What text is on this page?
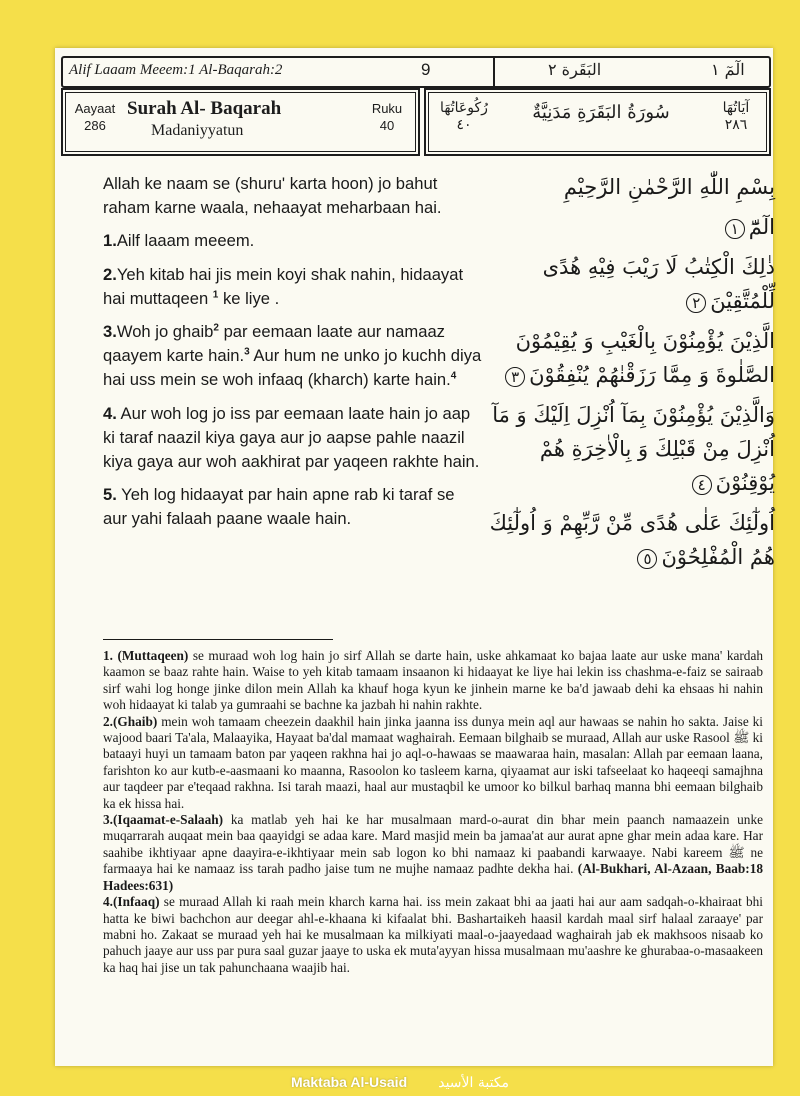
Alif Laaam Meeem:1 Al-Baqarah:2	9	البَقَرة ٢	الٓمٓ ١
Aayaat
286
Surah Al- Baqarah
Madaniyyatun
Ruku
40
رُكُوعَاتُهَا
٤٠
سُورَةُ البَقَرَةِ مَدَنِيَّةٌ	آيَاتُهَا
٢٨٦

Allah ke naam se (shuru' karta hoon) jo bahut raham karne waala, nehaayat meharbaan hai.

1.Ailf laaam meeem.

2.Yeh kitab hai jis mein koyi shak nahin, hidaayat hai muttaqeen $^1$ ke liye .

3.Woh jo ghaib$^2$ par eemaan laate aur namaaz qaayem karte hain.$^3$ Aur hum ne unko jo kuchh diya hai uss mein se woh infaaq (kharch) karte hain.$^4$

4. Aur woh log jo iss par eemaan laate hain jo aap ki taraf naazil kiya gaya aur jo aapse pahle naazil kiya gaya aur woh aakhirat par yaqeen rakhte hain.

5. Yeh log hidaayat par hain apne rab ki taraf se aur yahi falaah paane waale hain.

بِسْمِ اللّٰهِ الرَّحْمٰنِ الرَّحِيْمِ

الٓمّٓ١

ذٰلِكَ الْكِتٰبُ لَا رَيْبَ فِيْهِ هُدًى لِّلْمُتَّقِيْنَ٢

الَّذِيْنَ يُؤْمِنُوْنَ بِالْغَيْبِ وَ يُقِيْمُوْنَ الصَّلٰوةَ وَ مِمَّا رَزَقْنٰهُمْ يُنْفِقُوْنَ٣

وَالَّذِيْنَ يُؤْمِنُوْنَ بِمَآ اُنْزِلَ اِلَيْكَ وَ مَآ اُنْزِلَ مِنْ قَبْلِكَ وَ بِالْاٰخِرَةِ هُمْ يُوْقِنُوْنَ٤

اُولٰٓئِكَ عَلٰى هُدًى مِّنْ رَّبِّهِمْ وَ اُولٰٓئِكَ هُمُ الْمُفْلِحُوْنَ٥

1. (Muttaqeen) se muraad woh log hain jo sirf Allah se darte hain, uske ahkamaat ko bajaa laate aur uske mana' kardah kaamon se baaz rahte hain. Waise to yeh kitab tamaam insaanon ki hidaayat ke liye hai lekin iss chashma-e-faiz se sairaab sirf wahi log honge jinke dilon mein Allah ka khauf hoga kyun ke jinhein marne ke ba'd jawaab dehi ka ehsaas hi nahin woh hidaayat ki talab ya gumraahi se bachne ka jazbah hi nahin rakhte.

2.(Ghaib) mein woh tamaam cheezein daakhil hain jinka jaanna iss dunya mein aql aur hawaas se nahin ho sakta. Jaise ki wajood baari Ta'ala, Malaayika, Hayaat ba'dal mamaat waghairah. Eemaan bilghaib se muraad, Allah aur uske Rasool ﷺ ki bataayi huyi un tamaam baton par yaqeen rakhna hai jo aql-o-hawaas se maawaraa hain, masalan: Allah par eemaan laana, farishton ko aur kutb-e-aasmaani ko maanna, Rasoolon ko tasleem karna, qiyaamat aur iski tafseelaat ko haqeeqi samajhna aur taqdeer par e'teqaad rakhna. Isi tarah maazi, haal aur mustaqbil ke umoor ko bilkul barhaq manna bhi eemaan bilghaib ka ek hissa hai.

3.(Iqaamat-e-Salaah) ka matlab yeh hai ke har musalmaan mard-o-aurat din bhar mein paanch namaazein unke muqarrarah auqaat mein baa qaayidgi se adaa kare. Mard masjid mein ba jamaa'at aur aurat apne ghar mein adaa kare. Har saahibe ikhtiyaar apne daayira-e-ikhtiyaar mein sab logon ko bhi namaaz ki paabandi karwaaye. Nabi kareem ﷺ ne farmaaya hai ke namaaz iss tarah padho jaise tum ne mujhe namaaz padhte dekha hai. (Al-Bukhari, Al-Azaan, Baab:18 Hadees:631)

4.(Infaaq) se muraad Allah ki raah mein kharch karna hai. iss mein zakaat bhi aa jaati hai aur aam sadqah-o-khairaat bhi hatta ke biwi bachchon aur deegar ahl-e-khaana ki kifaalat bhi. Bashartaikeh haasil kardah maal sirf halaal zaraaye' par mabni ho. Zakaat se muraad yeh hai ke musalmaan ka milkiyati maal-o-jaayedaad waghairah jab ek makhsoos nisaab ko pahuch jaaye aur uss par pura saal guzar jaaye to uska ek muta'ayyan hissa musalmaan mu'aashre ke ghurabaa-o-masaakeen ka haq hai jise un tak pahunchaana waajib hai.

Maktaba Al-Usaid مكتبة الأسيد
